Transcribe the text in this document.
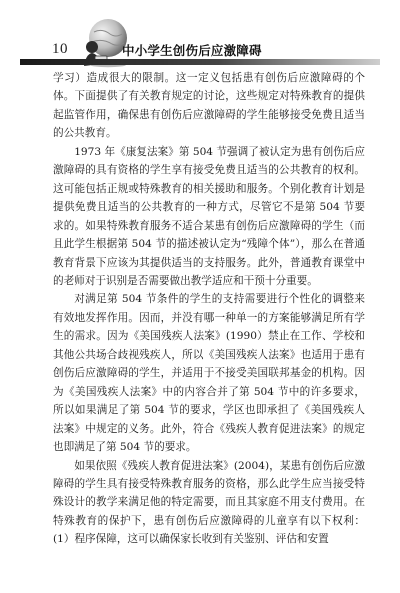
10	中小学生创伤后应激障碍

学习）造成很大的限制。这一定义包括患有创伤后应激障碍的个体。下面提供了有关教育规定的讨论，这些规定对特殊教育的提供起监管作用，确保患有创伤后应激障碍的学生能够接受免费且适当的公共教育。

1973 年《康复法案》第 504 节强调了被认定为患有创伤后应激障碍的具有资格的学生享有接受免费且适当的公共教育的权利。这可能包括正规或特殊教育的相关援助和服务。个别化教育计划是提供免费且适当的公共教育的一种方式，尽管它不是第 504 节要求的。如果特殊教育服务不适合某患有创伤后应激障碍的学生（而且此学生根据第 504 节的描述被认定为“残障个体”），那么在普通教育背景下应该为其提供适当的支持服务。此外，普通教育课堂中的老师对于识别是否需要做出教学适应和干预十分重要。

对满足第 504 节条件的学生的支持需要进行个性化的调整来有效地发挥作用。因而，并没有哪一种单一的方案能够满足所有学生的需求。因为《美国残疾人法案》(1990）禁止在工作、学校和其他公共场合歧视残疾人，所以《美国残疾人法案》也适用于患有创伤后应激障碍的学生，并适用于不接受美国联邦基金的机构。因为《美国残疾人法案》中的内容合并了第 504 节中的许多要求，所以如果满足了第 504 节的要求，学区也即承担了《美国残疾人法案》中规定的义务。此外，符合《残疾人教育促进法案》的规定也即满足了第 504 节的要求。

如果依照《残疾人教育促进法案》(2004)，某患有创伤后应激障碍的学生具有接受特殊教育服务的资格，那么此学生应当接受特殊设计的教学来满足他的特定需要，而且其家庭不用支付费用。在特殊教育的保护下，患有创伤后应激障碍的儿童享有以下权利：(1）程序保障，这可以确保家长收到有关鉴别、评估和安置
